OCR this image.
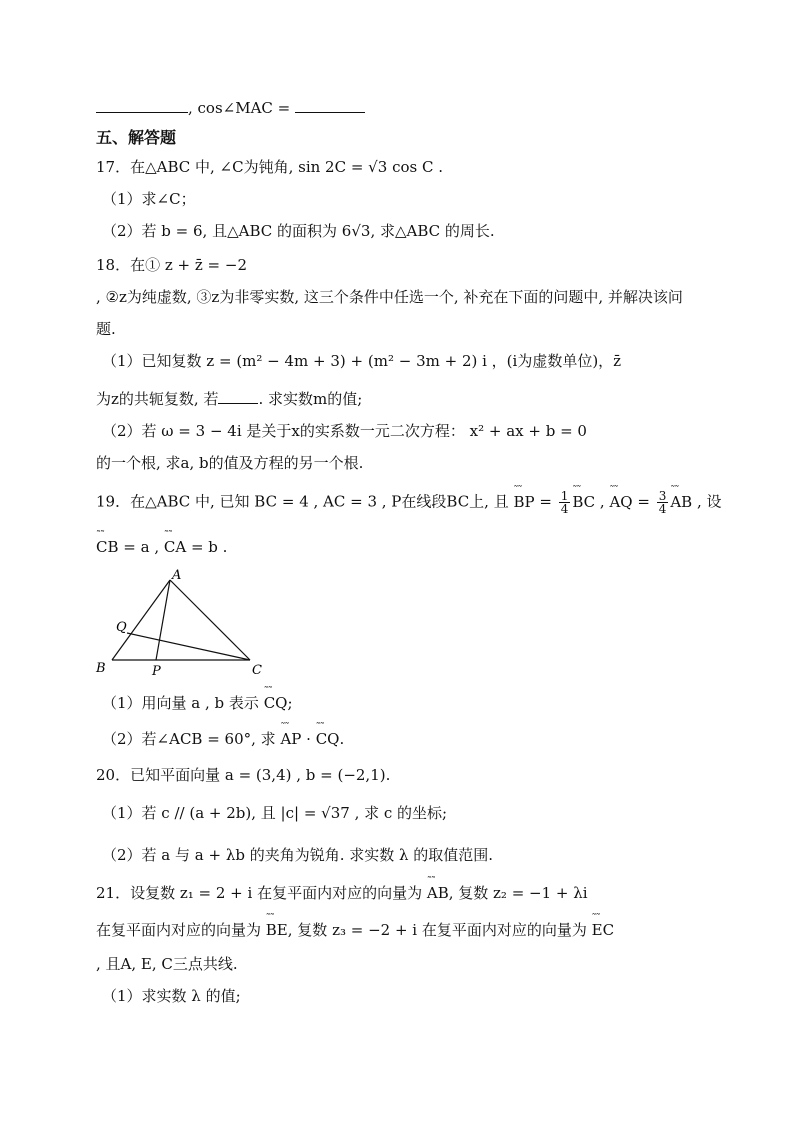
, cos∠MAC =
五、解答题
17．在△ABC 中, ∠C为钝角, sin 2C = √3 cos C .
（1）求∠C；
（2）若 b = 6, 且△ABC 的面积为 6√3, 求△ABC 的周长.
18．在① z + z̄ = −2
, ②z为纯虚数, ③z为非零实数, 这三个条件中任选一个, 补充在下面的问题中, 并解决该问
题.
（1）已知复数 z = (m² − 4m + 3) + (m² − 3m + 2) i ，(i为虚数单位)，z̄
为z的共轭复数, 若	. 求实数m的值;
（2）若 ω = 3 − 4i 是关于x的实系数一元二次方程： x² + ax + b = 0
的一个根, 求a, b的值及方程的另一个根.
19．在△ABC 中, 已知 BC = 4 , AC = 3 , P在线段BC上, 且 ˜˜ BP = $\frac{1}{4}$ ˜˜ BC , ˜˜ AQ = $\frac{3}{4}$ ˜˜ AB , 设
˜˜ CB = a , ˜˜ CA = b .
A
Q
B	P	C
（1）用向量 a , b 表示 ˜˜ CQ;
（2）若∠ACB = 60°, 求 ˜˜ AP · ˜˜ CQ.
20．已知平面向量 a = (3,4) , b = (−2,1).
（1）若 c // (a + 2b), 且 |c| = √37 , 求 c 的坐标;
（2）若 a 与 a + λb 的夹角为锐角. 求实数 λ 的取值范围.
21．设复数 z₁ = 2 + i 在复平面内对应的向量为 ˜˜ AB, 复数 z₂ = −1 + λi
在复平面内对应的向量为 ˜˜ BE, 复数 z₃ = −2 + i 在复平面内对应的向量为 ˜˜ EC
, 且A, E, C三点共线.
（1）求实数 λ 的值;
